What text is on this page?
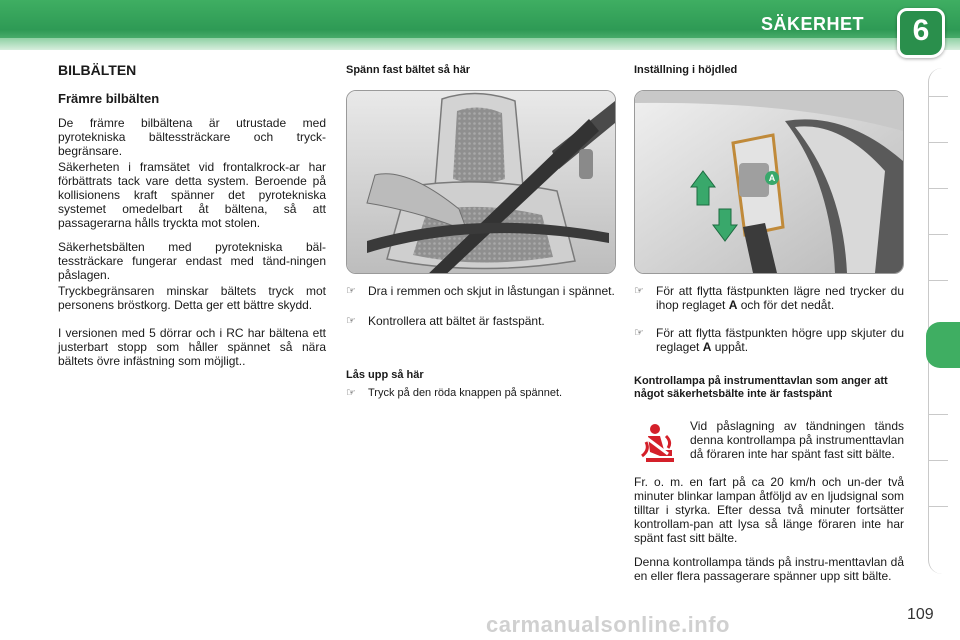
SÄKERHET	6
BILBÄLTEN
Främre bilbälten

De främre bilbältena är utrustade med pyrotekniska bältessträckare och tryck-begränsare.

Säkerheten i framsätet vid frontalkrock-ar har förbättrats tack vare detta system. Beroende på kollisionens kraft spänner det pyrotekniska systemet omedelbart åt bältena, så att passagerarna hålls tryckta mot stolen.

Säkerhetsbälten med pyrotekniska bäl-tessträckare fungerar endast med tänd-ningen påslagen.

Tryckbegränsaren minskar bältets tryck mot personens bröstkorg. Detta ger ett bättre skydd.

I versionen med 5 dörrar och i RC har bältena ett justerbart stopp som håller spännet så nära bältets övre infästning som möjligt..

Spänn fast bältet så här
☞ Dra i remmen och skjut in låstungan i spännet.
☞ Kontrollera att bältet är fastspänt.
Lås upp så här
☞ Tryck på den röda knappen på spännet.
Inställning i höjdled
A
☞ För att flytta fästpunkten lägre ned trycker du ihop reglaget A och för det nedåt.
☞ För att flytta fästpunkten högre upp skjuter du reglaget A uppåt.
Kontrollampa på instrumenttavlan som anger att något säkerhetsbälte inte är fastspänt

Vid påslagning av tändningen tänds denna kontrollampa på instrumenttavlan då föraren inte har spänt fast sitt bälte.

Fr. o. m. en fart på ca 20 km/h och un-der två minuter blinkar lampan åtföljd av en ljudsignal som tilltar i styrka. Efter dessa två minuter fortsätter kontrollam-pan att lysa så länge föraren inte har spänt fast sitt bälte.

Denna kontrollampa tänds på instru-menttavlan då en eller flera passagerare spänner upp sitt bälte.

carmanualsonline.info	109
